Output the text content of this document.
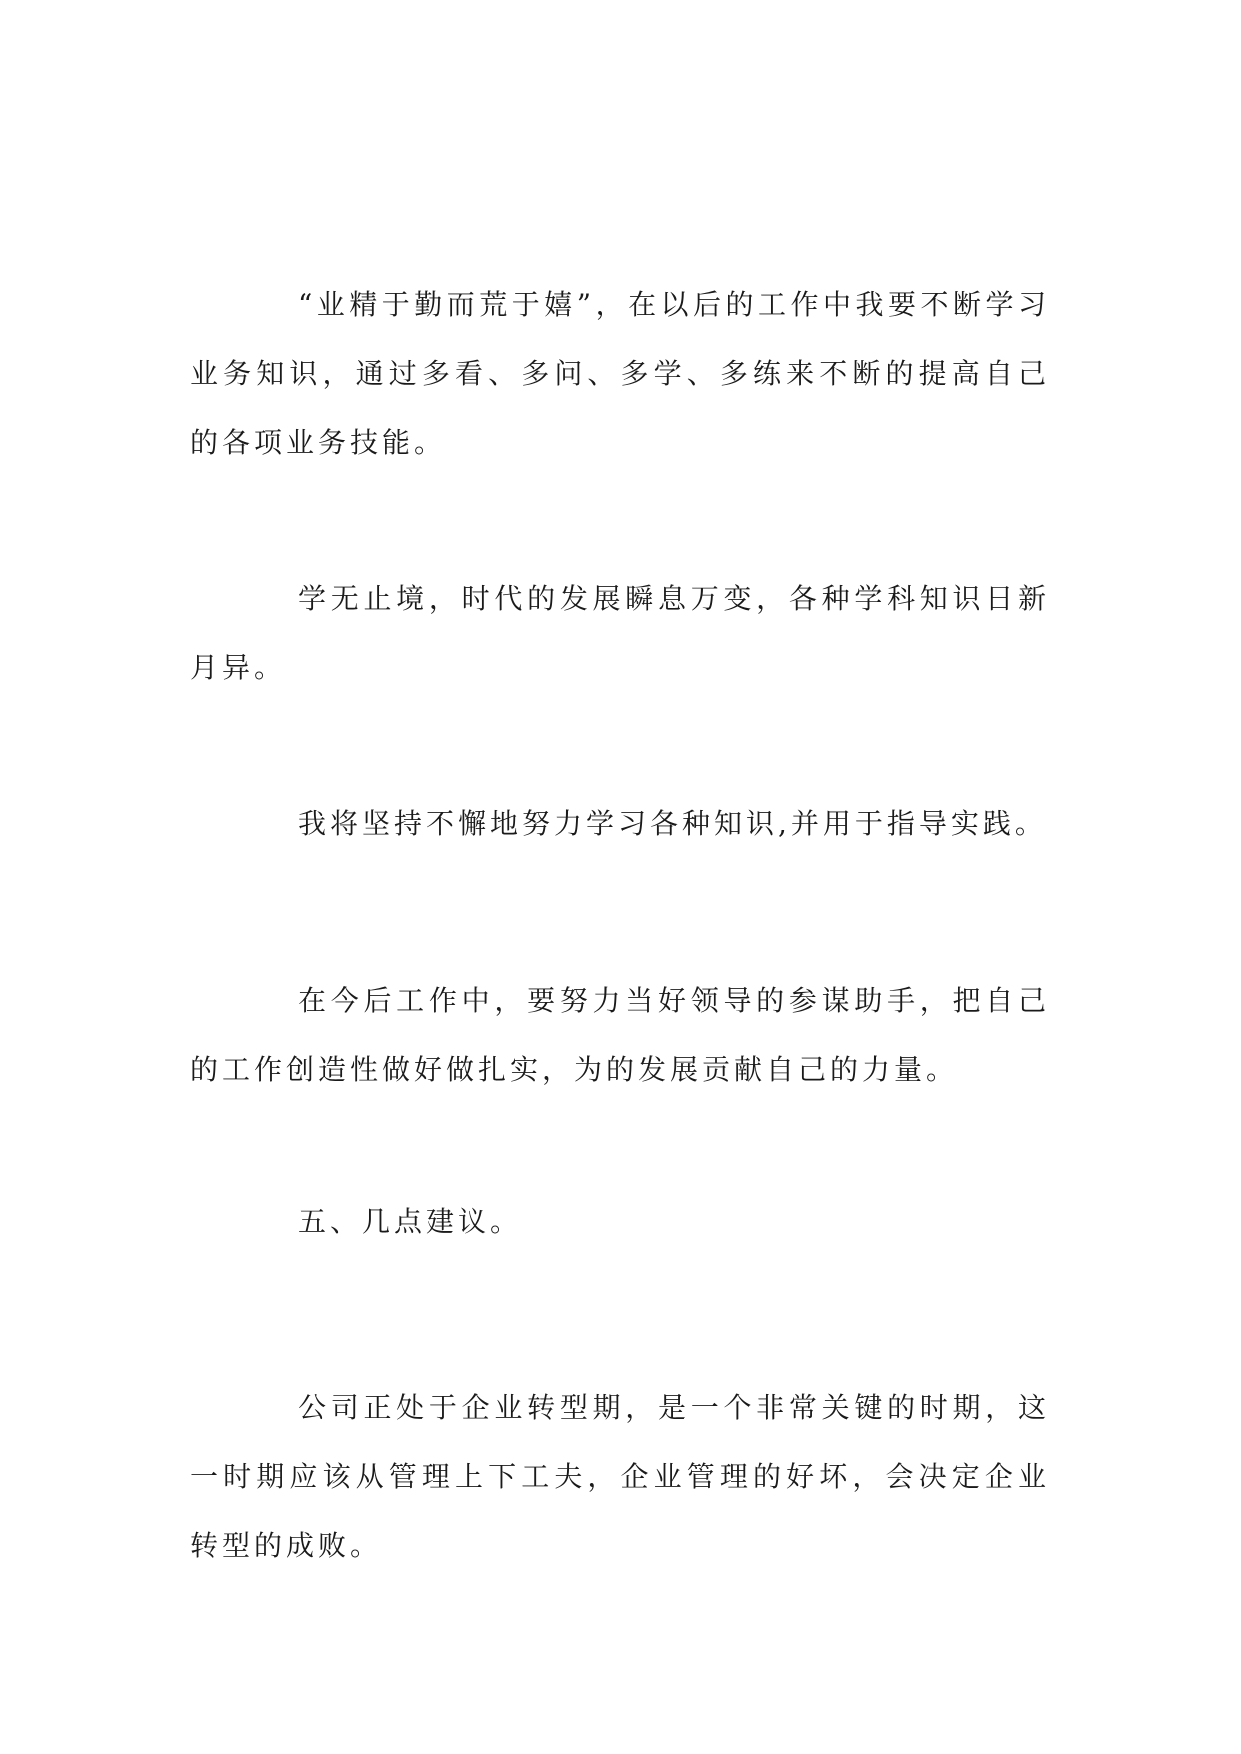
“业精于勤而荒于嬉”，在以后的工作中我要不断学习业务知识，通过多看、多问、多学、多练来不断的提高自己的各项业务技能。

学无止境，时代的发展瞬息万变，各种学科知识日新月异。

我将坚持不懈地努力学习各种知识,并用于指导实践。

在今后工作中，要努力当好领导的参谋助手，把自己的工作创造性做好做扎实，为的发展贡献自己的力量。

五、几点建议。

公司正处于企业转型期，是一个非常关键的时期，这一时期应该从管理上下工夫，企业管理的好坏，会决定企业转型的成败。
